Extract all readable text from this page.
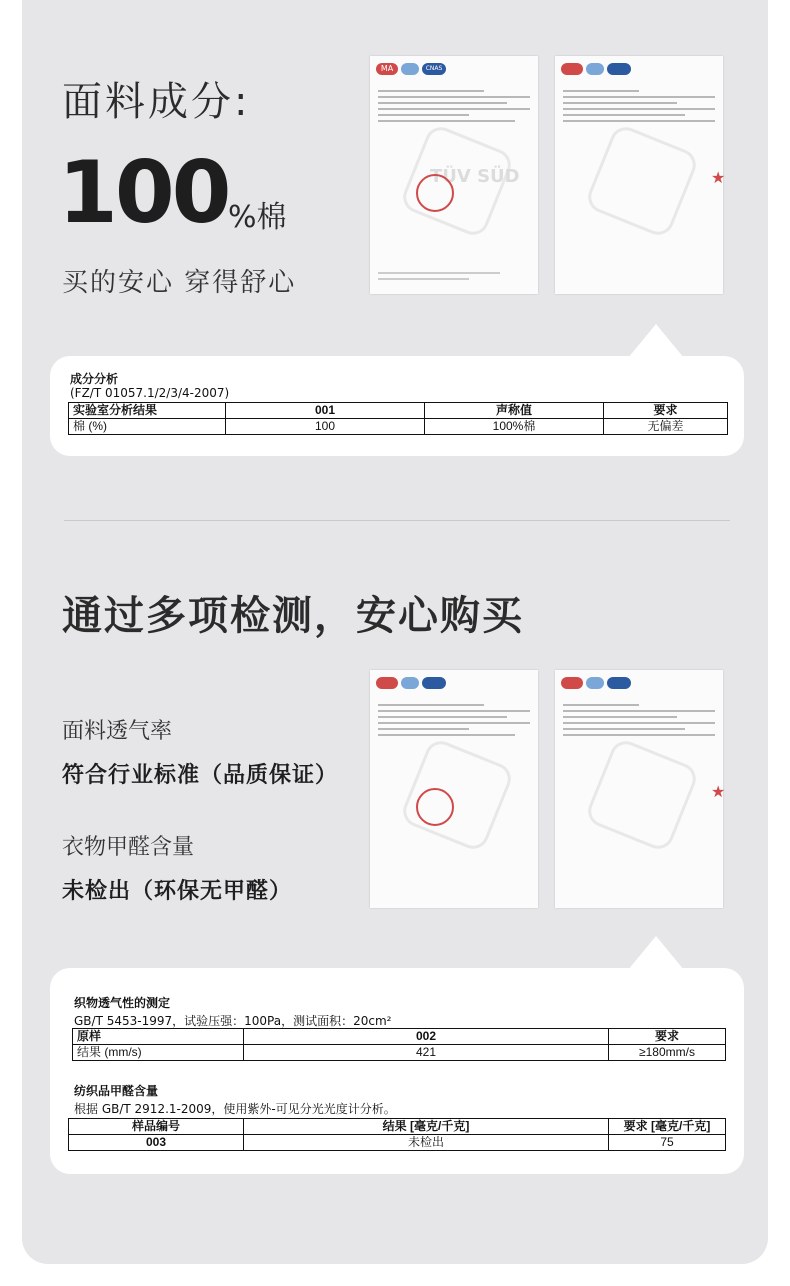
面料成分:
100 %棉
买的安心 穿得舒心
MA	CNAS
TÜV SÜD	★
成分分析
(FZ/T 01057.1/2/3/4-2007)
实验室分析结果	001	声称值	要求
棉 (%)	100	100%棉	无偏差
通过多项检测，安心购买
面料透气率
符合行业标准（品质保证）
衣物甲醛含量
未检出（环保无甲醛）
★
织物透气性的测定
GB/T 5453-1997，试验压强：100Pa，测试面积：20cm²
原样	002	要求
结果 (mm/s)	421	≥180mm/s
纺织品甲醛含量
根据 GB/T 2912.1-2009，使用紫外-可见分光光度计分析。
样品编号	结果 [毫克/千克]	要求 [毫克/千克]
003	未检出	75
